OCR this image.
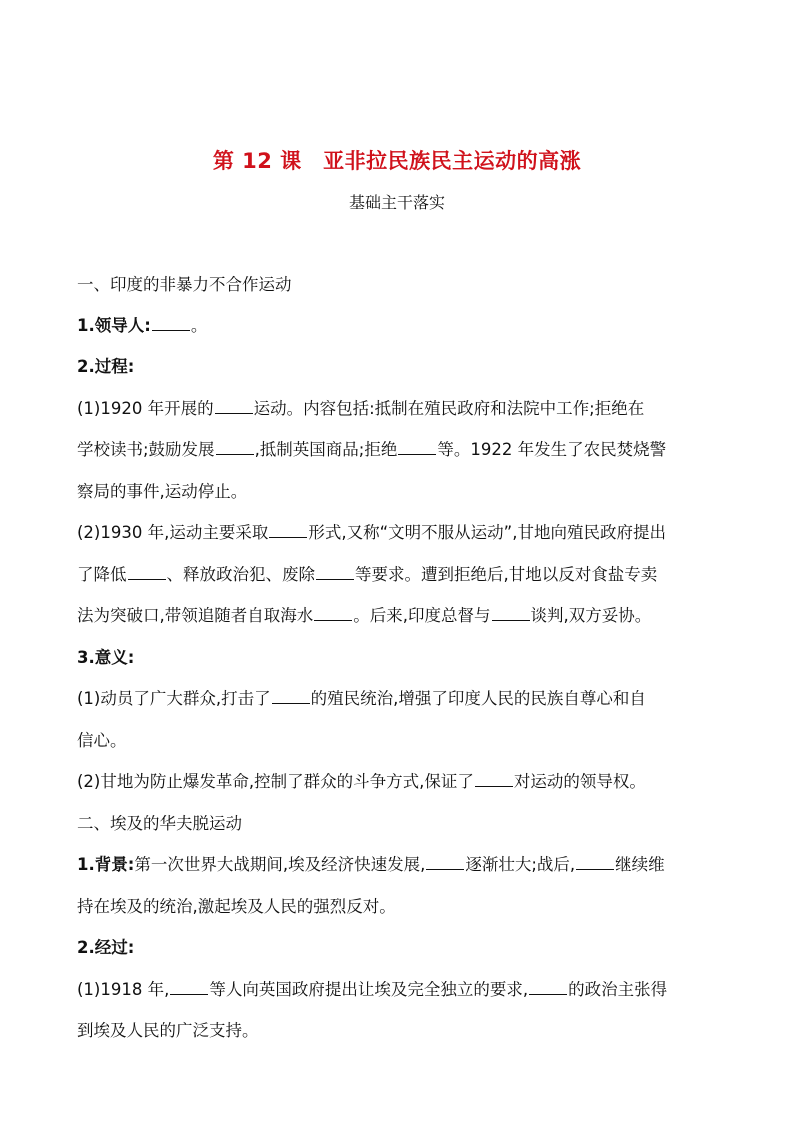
第 12 课　亚非拉民族民主运动的高涨
基础主干落实
一、印度的非暴力不合作运动
1.领导人: 。
2.过程:
(1)1920 年开展的 运动。内容包括:抵制在殖民政府和法院中工作;拒绝在
学校读书;鼓励发展 ,抵制英国商品;拒绝 等。1922 年发生了农民焚烧警
察局的事件,运动停止。
(2)1930 年,运动主要采取 形式,又称“文明不服从运动”,甘地向殖民政府提出
了降低 、释放政治犯、废除 等要求。遭到拒绝后,甘地以反对食盐专卖
法为突破口,带领追随者自取海水 。后来,印度总督与 谈判,双方妥协。
3.意义:
(1)动员了广大群众,打击了 的殖民统治,增强了印度人民的民族自尊心和自
信心。
(2)甘地为防止爆发革命,控制了群众的斗争方式,保证了 对运动的领导权。
二、埃及的华夫脱运动
1.背景:第一次世界大战期间,埃及经济快速发展, 逐渐壮大;战后, 继续维
持在埃及的统治,激起埃及人民的强烈反对。
2.经过:
(1)1918 年, 等人向英国政府提出让埃及完全独立的要求, 的政治主张得
到埃及人民的广泛支持。
